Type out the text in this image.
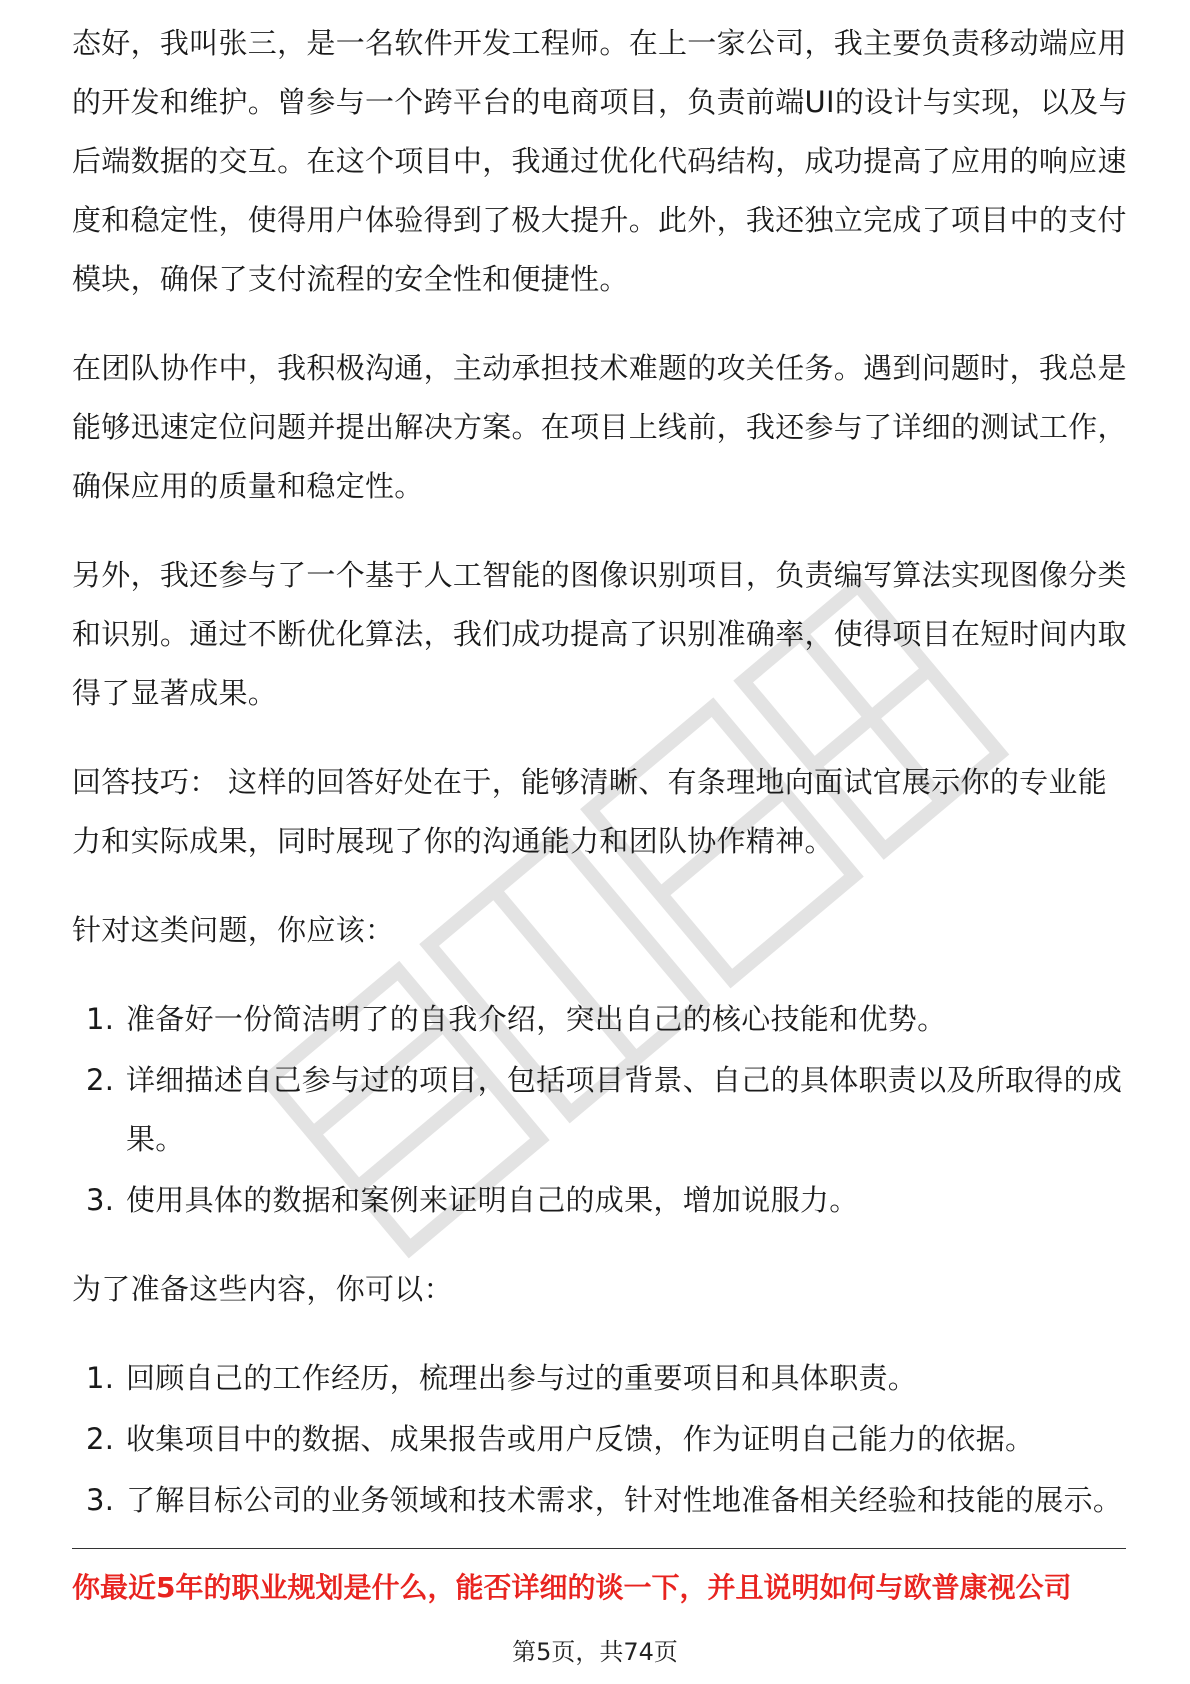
态好，我叫张三，是一名软件开发工程师。在上一家公司，我主要负责移动端应用的开发和维护。曾参与一个跨平台的电商项目，负责前端UI的设计与实现，以及与后端数据的交互。在这个项目中，我通过优化代码结构，成功提高了应用的响应速度和稳定性，使得用户体验得到了极大提升。此外，我还独立完成了项目中的支付模块，确保了支付流程的安全性和便捷性。

在团队协作中，我积极沟通，主动承担技术难题的攻关任务。遇到问题时，我总是能够迅速定位问题并提出解决方案。在项目上线前，我还参与了详细的测试工作，确保应用的质量和稳定性。

另外，我还参与了一个基于人工智能的图像识别项目，负责编写算法实现图像分类和识别。通过不断优化算法，我们成功提高了识别准确率，使得项目在短时间内取得了显著成果。

回答技巧： 这样的回答好处在于，能够清晰、有条理地向面试官展示你的专业能力和实际成果，同时展现了你的沟通能力和团队协作精神。

针对这类问题，你应该：

1. 准备好一份简洁明了的自我介绍，突出自己的核心技能和优势。
2. 详细描述自己参与过的项目，包括项目背景、自己的具体职责以及所取得的成果。
3. 使用具体的数据和案例来证明自己的成果，增加说服力。

为了准备这些内容，你可以：

1. 回顾自己的工作经历，梳理出参与过的重要项目和具体职责。
2. 收集项目中的数据、成果报告或用户反馈，作为证明自己能力的依据。
3. 了解目标公司的业务领域和技术需求，针对性地准备相关经验和技能的展示。
你最近5年的职业规划是什么，能否详细的谈一下，并且说明如何与欧普康视公司
第5页，共74页
